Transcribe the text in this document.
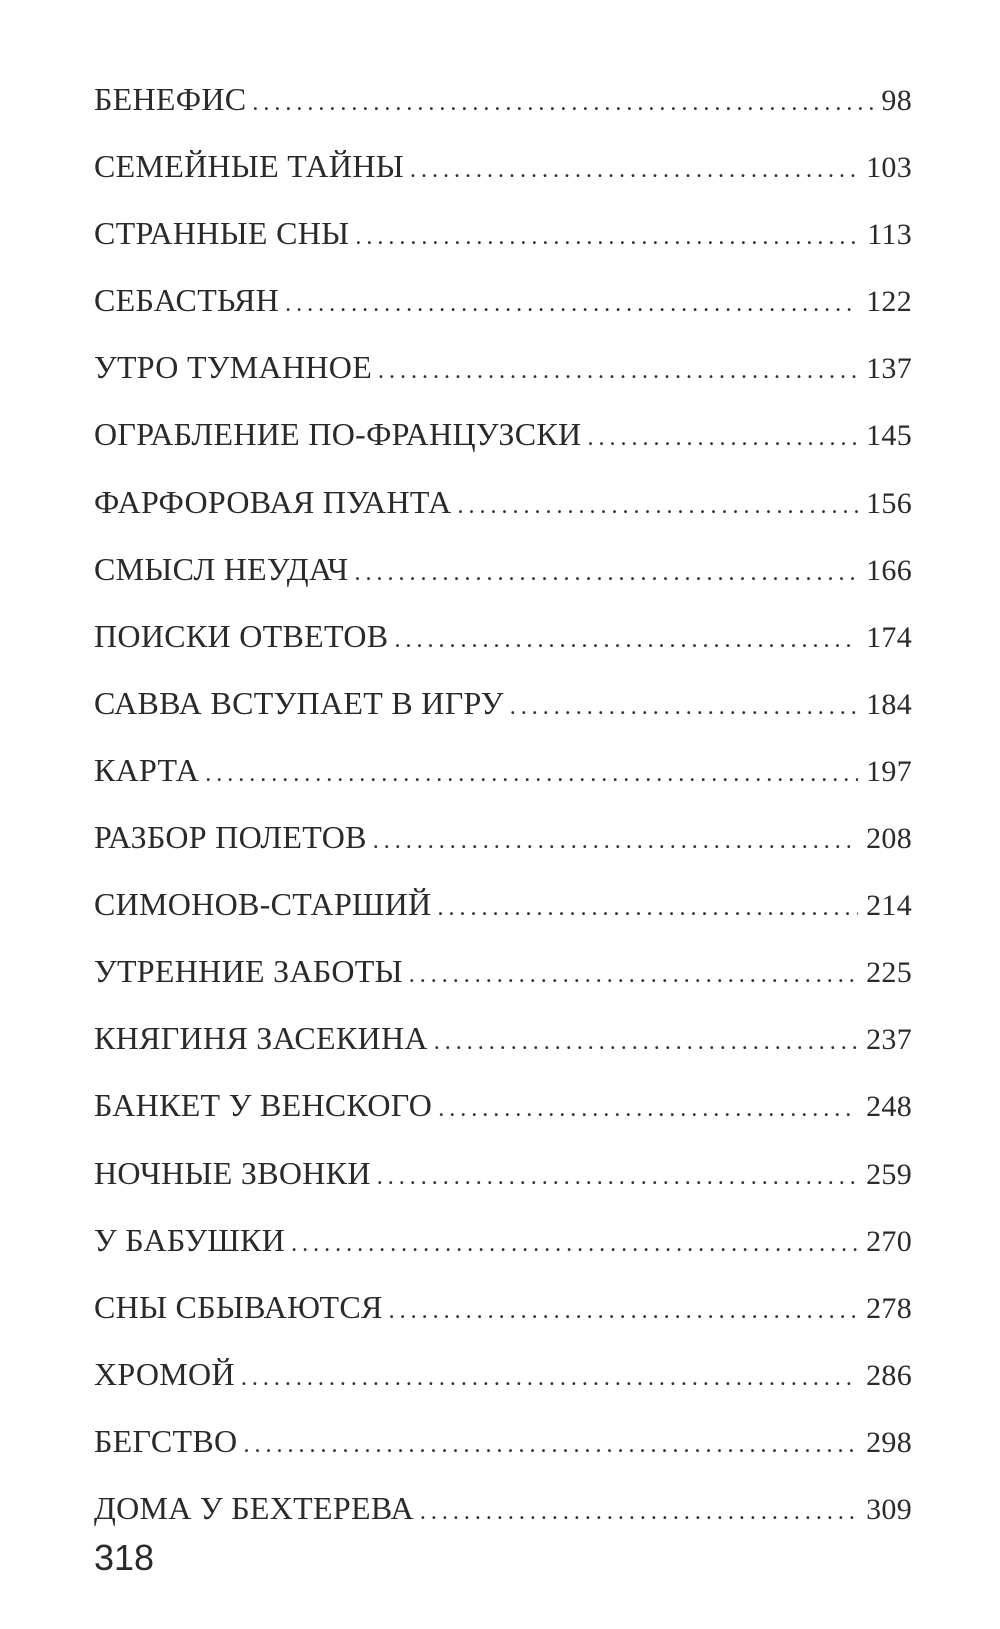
БЕНЕФИС . . .	98
СЕМЕЙНЫЕ ТАЙНЫ . . .	103
СТРАННЫЕ СНЫ . . .	113
СЕБАСТЬЯН . . .	122
УТРО ТУМАННОЕ . . .	137
ОГРАБЛЕНИЕ ПО-ФРАНЦУЗСКИ . . .	145
ФАРФОРОВАЯ ПУАНТА . . .	156
СМЫСЛ НЕУДАЧ . . .	166
ПОИСКИ ОТВЕТОВ . . .	174
САВВА ВСТУПАЕТ В ИГРУ . . .	184
КАРТА . . .	197
РАЗБОР ПОЛЕТОВ . . .	208
СИМОНОВ-СТАРШИЙ . . .	214
УТРЕННИЕ ЗАБОТЫ . . .	225
КНЯГИНЯ ЗАСЕКИНА . . .	237
БАНКЕТ У ВЕНСКОГО . . .	248
НОЧНЫЕ ЗВОНКИ . . .	259
У БАБУШКИ . . .	270
СНЫ СБЫВАЮТСЯ . . .	278
ХРОМОЙ . . .	286
БЕГСТВО . . .	298
ДОМА У БЕХТЕРЕВА . . .	309
318
